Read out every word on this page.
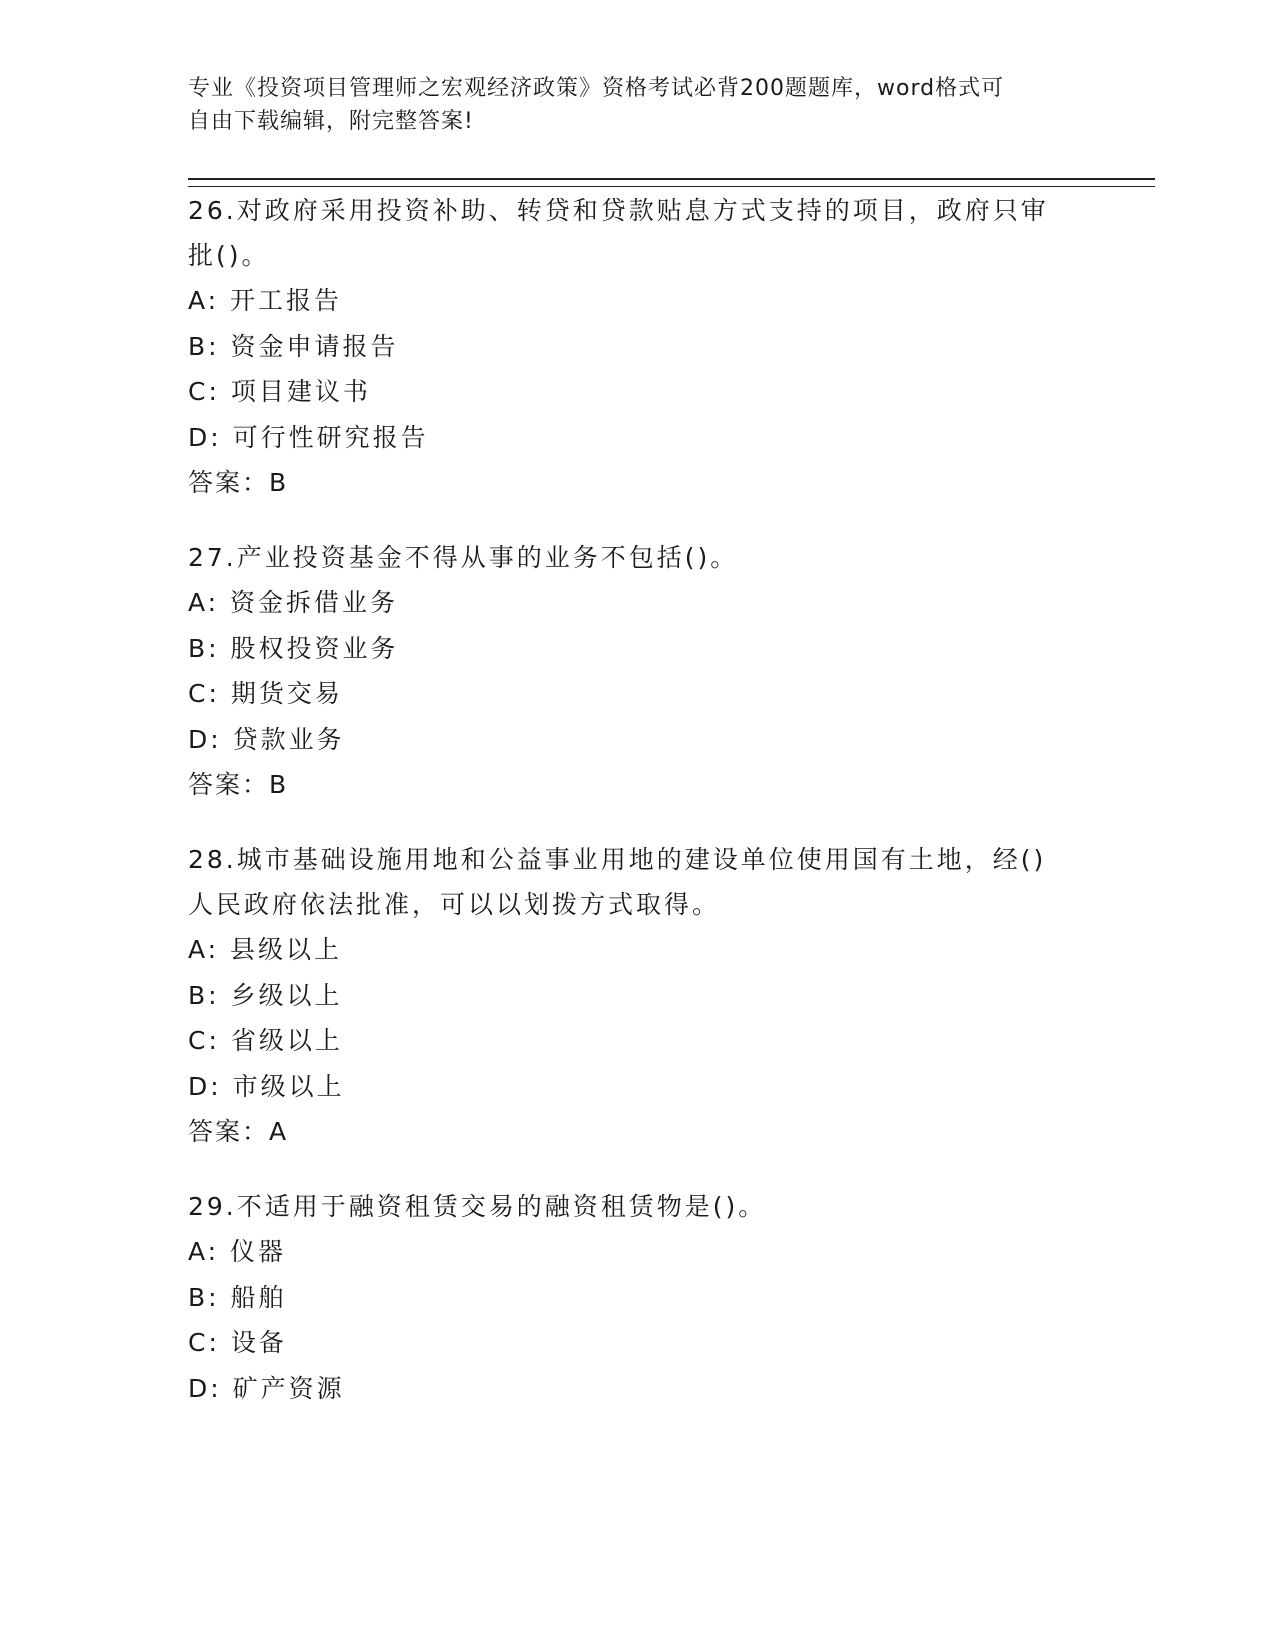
专业《投资项目管理师之宏观经济政策》资格考试必背200题题库，word格式可
自由下载编辑，附完整答案!
26.对政府采用投资补助、转贷和贷款贴息方式支持的项目，政府只审
批()。
A: 开工报告
B: 资金申请报告
C: 项目建议书
D: 可行性研究报告
答案：B
27.产业投资基金不得从事的业务不包括()。
A: 资金拆借业务
B: 股权投资业务
C: 期货交易
D: 贷款业务
答案：B
28.城市基础设施用地和公益事业用地的建设单位使用国有土地，经()
人民政府依法批准，可以以划拨方式取得。
A: 县级以上
B: 乡级以上
C: 省级以上
D: 市级以上
答案：A
29.不适用于融资租赁交易的融资租赁物是()。
A: 仪器
B: 船舶
C: 设备
D: 矿产资源
